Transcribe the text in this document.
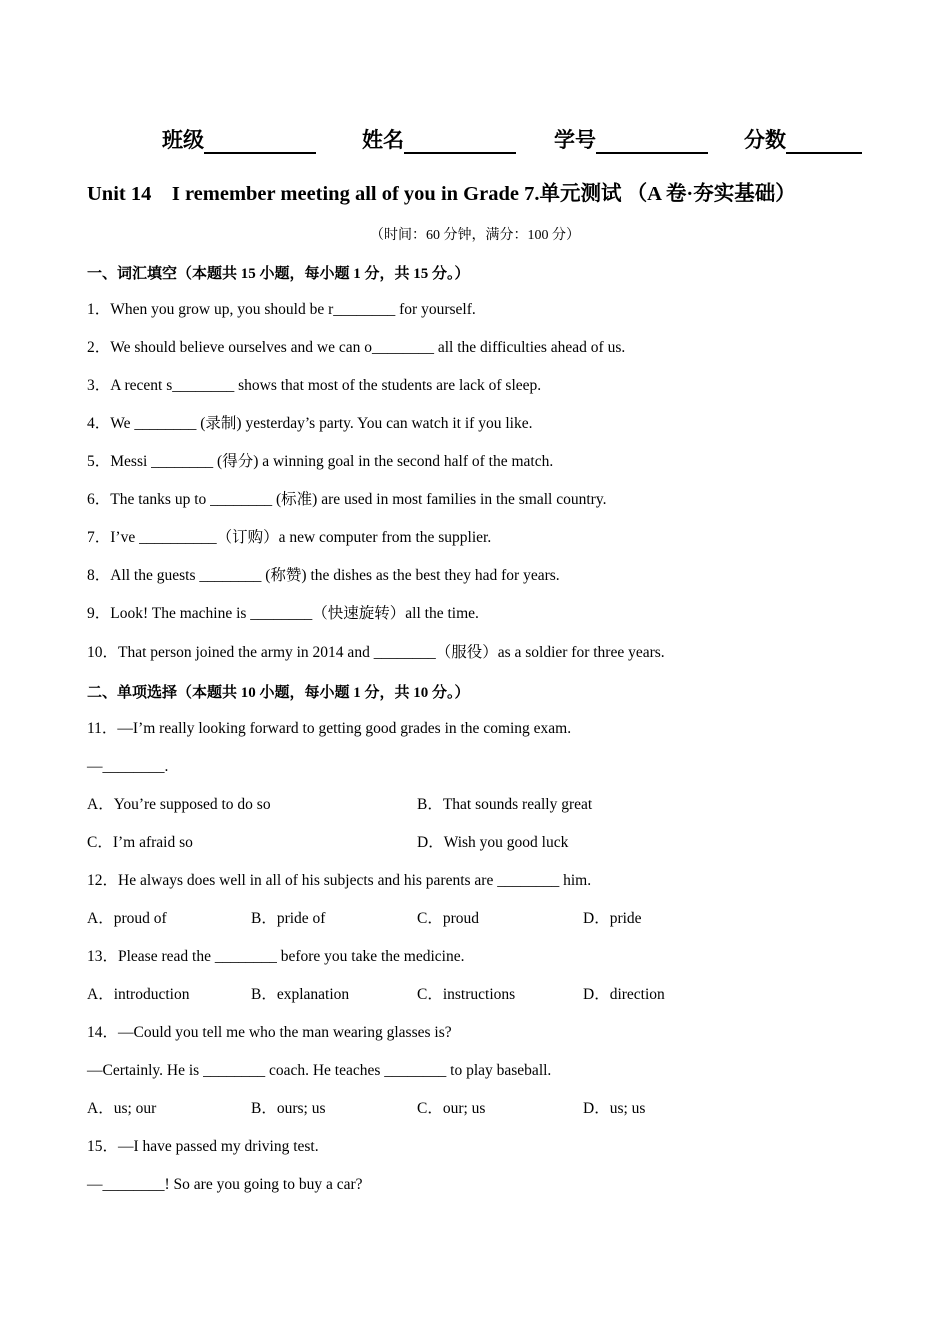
班级	姓名	学号	分数
Unit 14　I remember meeting all of you in Grade 7.单元测试 （A 卷·夯实基础）
（时间：60 分钟，满分：100 分）
一、词汇填空（本题共 15 小题，每小题 1 分，共 15 分。）
1．When you grow up, you should be r________ for yourself.
2．We should believe ourselves and we can o________ all the difficulties ahead of us.
3．A recent s________ shows that most of the students are lack of sleep.
4．We ________ (录制) yesterday’s party. You can watch it if you like.
5．Messi ________ (得分) a winning goal in the second half of the match.
6．The tanks up to ________ (标准) are used in most families in the small country.
7．I’ve __________（订购）a new computer from the supplier.
8．All the guests ________ (称赞) the dishes as the best they had for years.
9．Look! The machine is ________（快速旋转）all the time.
10．That person joined the army in 2014 and ________（服役）as a soldier for three years.
二、单项选择（本题共 10 小题，每小题 1 分，共 10 分。）
11．—I’m really looking forward to getting good grades in the coming exam.
—________.
A．You’re supposed to do so	B．That sounds really great
C．I’m afraid so	D．Wish you good luck
12．He always does well in all of his subjects and his parents are ________ him.
A．proud of	B．pride of	C．proud	D．pride
13．Please read the ________ before you take the medicine.
A．introduction	B．explanation	C．instructions	D．direction
14．—Could you tell me who the man wearing glasses is?
—Certainly. He is ________ coach. He teaches ________ to play baseball.
A．us; our	B．ours; us	C．our; us	D．us; us
15．—I have passed my driving test.
—________! So are you going to buy a car?
